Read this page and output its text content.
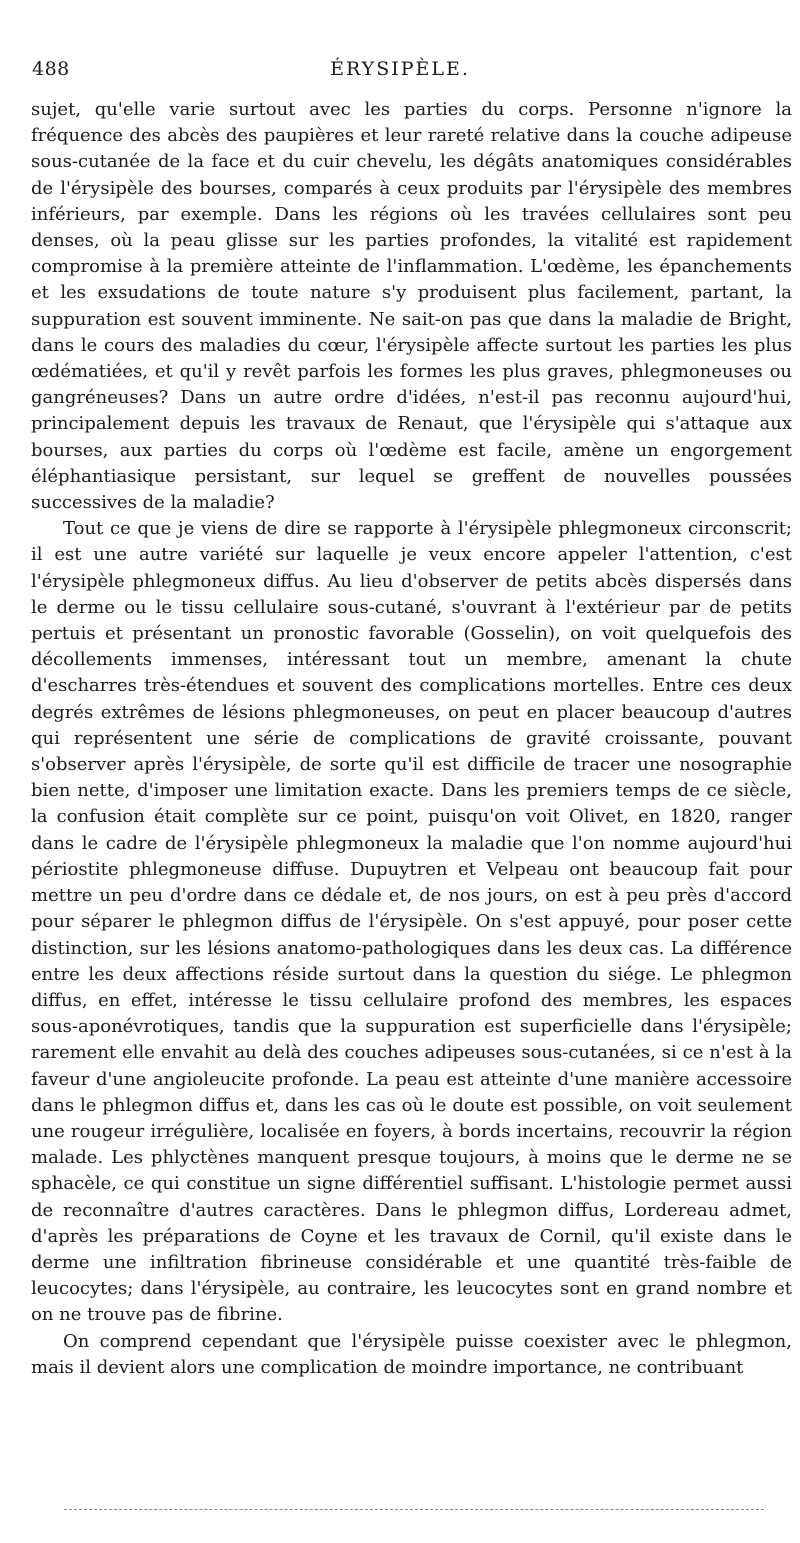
488	ÉRYSIPÈLE.

sujet, qu'elle varie surtout avec les parties du corps. Personne n'ignore la fréquence des abcès des paupières et leur rareté relative dans la couche adipeuse sous-cutanée de la face et du cuir chevelu, les dégâts anatomiques considérables de l'érysipèle des bourses, comparés à ceux produits par l'érysipèle des membres inférieurs, par exemple. Dans les régions où les travées cellulaires sont peu denses, où la peau glisse sur les parties profondes, la vitalité est rapidement compromise à la première atteinte de l'inflammation. L'œdème, les épanchements et les exsudations de toute nature s'y produisent plus facilement, partant, la suppuration est souvent imminente. Ne sait-on pas que dans la maladie de Bright, dans le cours des maladies du cœur, l'érysipèle affecte surtout les parties les plus œdématiées, et qu'il y revêt parfois les formes les plus graves, phlegmoneuses ou gangréneuses? Dans un autre ordre d'idées, n'est-il pas reconnu aujourd'hui, principalement depuis les travaux de Renaut, que l'érysipèle qui s'attaque aux bourses, aux parties du corps où l'œdème est facile, amène un engorgement éléphantiasique persistant, sur lequel se greffent de nouvelles poussées successives de la maladie?

Tout ce que je viens de dire se rapporte à l'érysipèle phlegmoneux circonscrit; il est une autre variété sur laquelle je veux encore appeler l'attention, c'est l'érysipèle phlegmoneux diffus. Au lieu d'observer de petits abcès dispersés dans le derme ou le tissu cellulaire sous-cutané, s'ouvrant à l'extérieur par de petits pertuis et présentant un pronostic favorable (Gosselin), on voit quelquefois des décollements immenses, intéressant tout un membre, amenant la chute d'escharres très-étendues et souvent des complications mortelles. Entre ces deux degrés extrêmes de lésions phlegmoneuses, on peut en placer beaucoup d'autres qui représentent une série de complications de gravité croissante, pouvant s'observer après l'érysipèle, de sorte qu'il est difficile de tracer une nosographie bien nette, d'imposer une limitation exacte. Dans les premiers temps de ce siècle, la confusion était complète sur ce point, puisqu'on voit Olivet, en 1820, ranger dans le cadre de l'érysipèle phlegmoneux la maladie que l'on nomme aujourd'hui périostite phlegmoneuse diffuse. Dupuytren et Velpeau ont beaucoup fait pour mettre un peu d'ordre dans ce dédale et, de nos jours, on est à peu près d'accord pour séparer le phlegmon diffus de l'érysipèle. On s'est appuyé, pour poser cette distinction, sur les lésions anatomo-pathologiques dans les deux cas. La différence entre les deux affections réside surtout dans la question du siége. Le phlegmon diffus, en effet, intéresse le tissu cellulaire profond des membres, les espaces sous-aponévrotiques, tandis que la suppuration est superficielle dans l'érysipèle; rarement elle envahit au delà des couches adipeuses sous-cutanées, si ce n'est à la faveur d'une angioleucite profonde. La peau est atteinte d'une manière accessoire dans le phlegmon diffus et, dans les cas où le doute est possible, on voit seulement une rougeur irrégulière, localisée en foyers, à bords incertains, recouvrir la région malade. Les phlyctènes manquent presque toujours, à moins que le derme ne se sphacèle, ce qui constitue un signe différentiel suffisant. L'histologie permet aussi de reconnaître d'autres caractères. Dans le phlegmon diffus, Lordereau admet, d'après les préparations de Coyne et les travaux de Cornil, qu'il existe dans le derme une infiltration fibrineuse considérable et une quantité très-faible de leucocytes; dans l'érysipèle, au contraire, les leucocytes sont en grand nombre et on ne trouve pas de fibrine.

On comprend cependant que l'érysipèle puisse coexister avec le phlegmon, mais il devient alors une complication de moindre importance, ne contribuant
